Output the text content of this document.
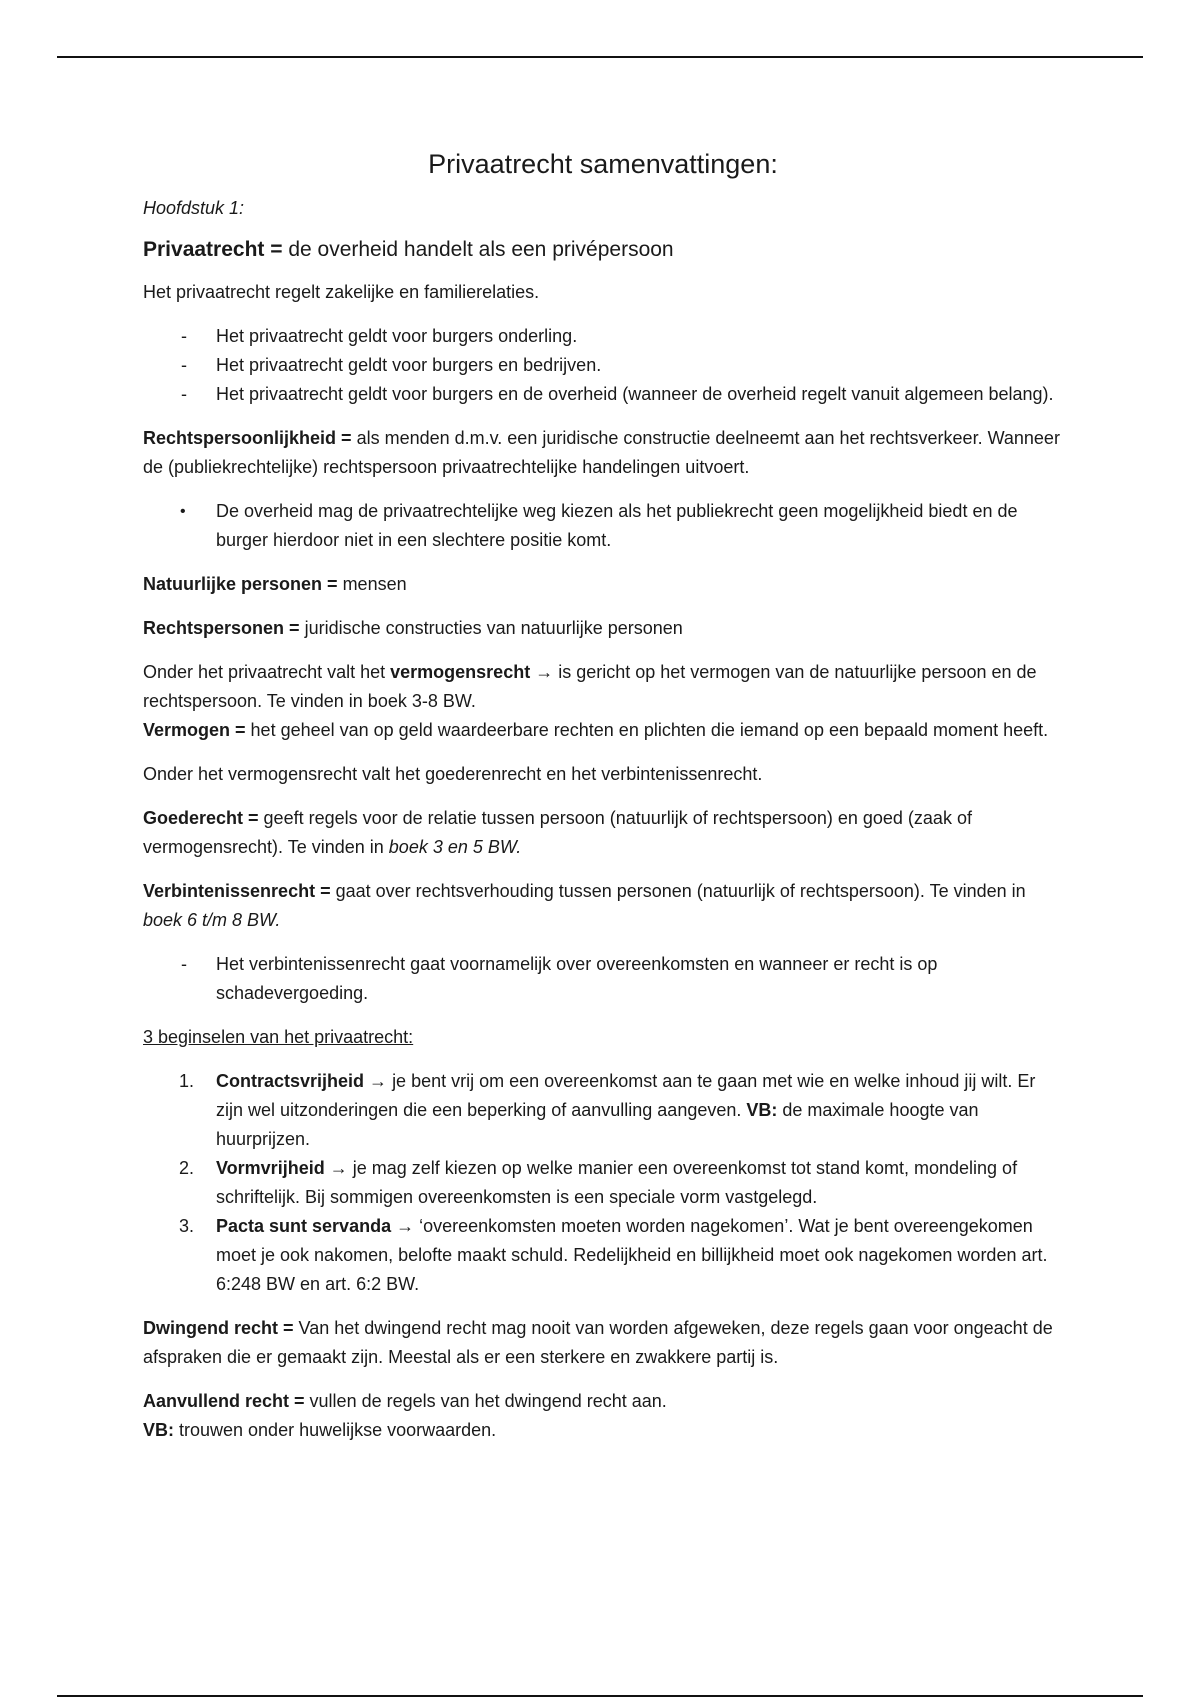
Privaatrecht samenvattingen:

Hoofdstuk 1:

Privaatrecht = de overheid handelt als een privépersoon

Het privaatrecht regelt zakelijke en familierelaties.

- Het privaatrecht geldt voor burgers onderling.
- Het privaatrecht geldt voor burgers en bedrijven.
- Het privaatrecht geldt voor burgers en de overheid (wanneer de overheid regelt vanuit algemeen belang).

Rechtspersoonlijkheid = als menden d.m.v. een juridische constructie deelneemt aan het rechtsverkeer. Wanneer de (publiekrechtelijke) rechtspersoon privaatrechtelijke handelingen uitvoert.

• De overheid mag de privaatrechtelijke weg kiezen als het publiekrecht geen mogelijkheid biedt en de burger hierdoor niet in een slechtere positie komt.

Natuurlijke personen = mensen

Rechtspersonen = juridische constructies van natuurlijke personen

Onder het privaatrecht valt het vermogensrecht → is gericht op het vermogen van de natuurlijke persoon en de rechtspersoon. Te vinden in boek 3-8 BW.

Vermogen = het geheel van op geld waardeerbare rechten en plichten die iemand op een bepaald moment heeft.

Onder het vermogensrecht valt het goederenrecht en het verbintenissenrecht.

Goederecht = geeft regels voor de relatie tussen persoon (natuurlijk of rechtspersoon) en goed (zaak of vermogensrecht). Te vinden in boek 3 en 5 BW.

Verbintenissenrecht = gaat over rechtsverhouding tussen personen (natuurlijk of rechtspersoon). Te vinden in boek 6 t/m 8 BW.

- Het verbintenissenrecht gaat voornamelijk over overeenkomsten en wanneer er recht is op schadevergoeding.

3 beginselen van het privaatrecht:

1. Contractsvrijheid → je bent vrij om een overeenkomst aan te gaan met wie en welke inhoud jij wilt. Er zijn wel uitzonderingen die een beperking of aanvulling aangeven. VB: de maximale hoogte van huurprijzen.
2. Vormvrijheid → je mag zelf kiezen op welke manier een overeenkomst tot stand komt, mondeling of schriftelijk. Bij sommigen overeenkomsten is een speciale vorm vastgelegd.
3. Pacta sunt servanda → ‘overeenkomsten moeten worden nagekomen’. Wat je bent overeengekomen moet je ook nakomen, belofte maakt schuld. Redelijkheid en billijkheid moet ook nagekomen worden art. 6:248 BW en art. 6:2 BW.

Dwingend recht = Van het dwingend recht mag nooit van worden afgeweken, deze regels gaan voor ongeacht de afspraken die er gemaakt zijn. Meestal als er een sterkere en zwakkere partij is.

Aanvullend recht = vullen de regels van het dwingend recht aan.

VB: trouwen onder huwelijkse voorwaarden.
